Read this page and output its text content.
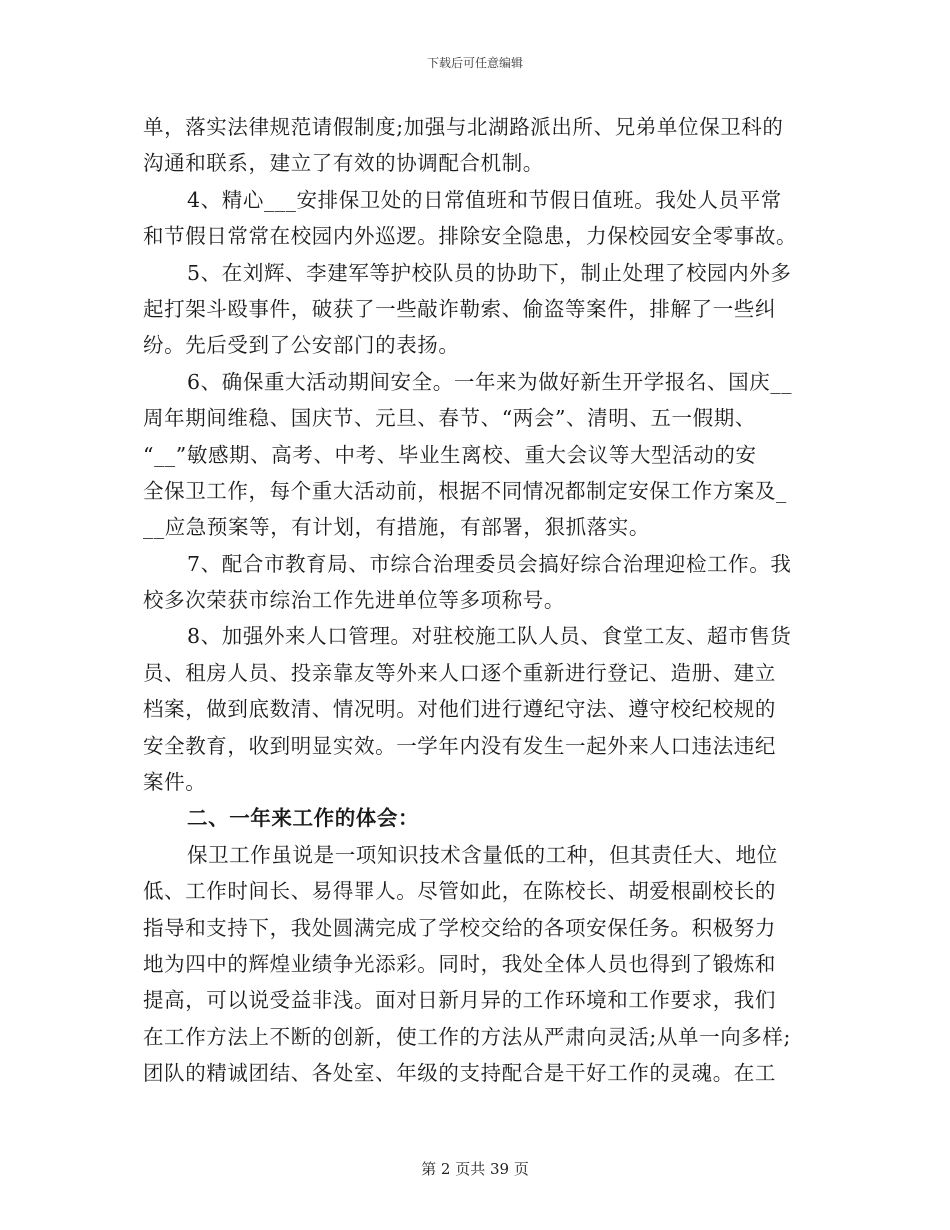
下载后可任意编辑
单，落实法律规范请假制度;加强与北湖路派出所、兄弟单位保卫科的
沟通和联系，建立了有效的协调配合机制。
4、精心___安排保卫处的日常值班和节假日值班。我处人员平常
和节假日常常在校园内外巡逻。排除安全隐患，力保校园安全零事故。
5、在刘辉、李建军等护校队员的协助下，制止处理了校园内外多
起打架斗殴事件，破获了一些敲诈勒索、偷盗等案件，排解了一些纠
纷。先后受到了公安部门的表扬。
6、确保重大活动期间安全。一年来为做好新生开学报名、国庆__
周年期间维稳、国庆节、元旦、春节、“两会”、清明、五一假期、
“__”敏感期、高考、中考、毕业生离校、重大会议等大型活动的安
全保卫工作，每个重大活动前，根据不同情况都制定安保工作方案及_
__应急预案等，有计划，有措施，有部署，狠抓落实。
7、配合市教育局、市综合治理委员会搞好综合治理迎检工作。我
校多次荣获市综治工作先进单位等多项称号。
8、加强外来人口管理。对驻校施工队人员、食堂工友、超市售货
员、租房人员、投亲靠友等外来人口逐个重新进行登记、造册、建立
档案，做到底数清、情况明。对他们进行遵纪守法、遵守校纪校规的
安全教育，收到明显实效。一学年内没有发生一起外来人口违法违纪
案件。
二、一年来工作的体会：
保卫工作虽说是一项知识技术含量低的工种，但其责任大、地位
低、工作时间长、易得罪人。尽管如此，在陈校长、胡爱根副校长的
指导和支持下，我处圆满完成了学校交给的各项安保任务。积极努力
地为四中的辉煌业绩争光添彩。同时，我处全体人员也得到了锻炼和
提高，可以说受益非浅。面对日新月异的工作环境和工作要求，我们
在工作方法上不断的创新，使工作的方法从严肃向灵活;从单一向多样;
团队的精诚团结、各处室、年级的支持配合是干好工作的灵魂。在工
第 2 页共 39 页
